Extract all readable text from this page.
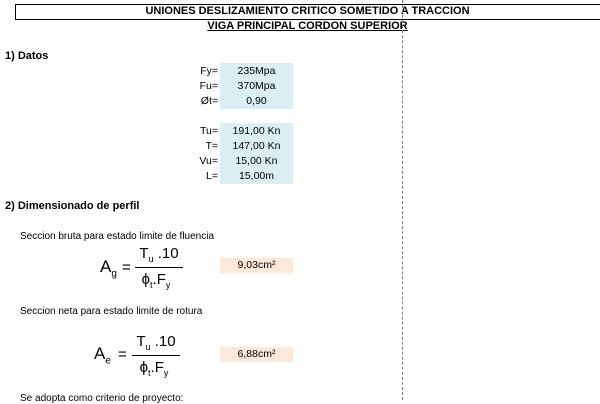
UNIONES DESLIZAMIENTO CRITICO SOMETIDO A TRACCION
VIGA PRINCIPAL CORDON SUPERIOR
1) Datos
Fy=	235Mpa
Fu=	370Mpa
Øt=	0,90
Tu=	191,00 Kn
T=	147,00 Kn
Vu=	15,00 Kn
L=	15,00m
2) Dimensionado de perfil
Seccion bruta para estado limite de fluencia
$A_g$ =
$T_u$ .10
$\phi_t.F_y$
9,03cm²
Seccion neta para estado limite de rotura
$A_e$ =
$T_u$ .10
$\phi_t.F_y$
6,88cm²
Se adopta como criterio de proyecto:
